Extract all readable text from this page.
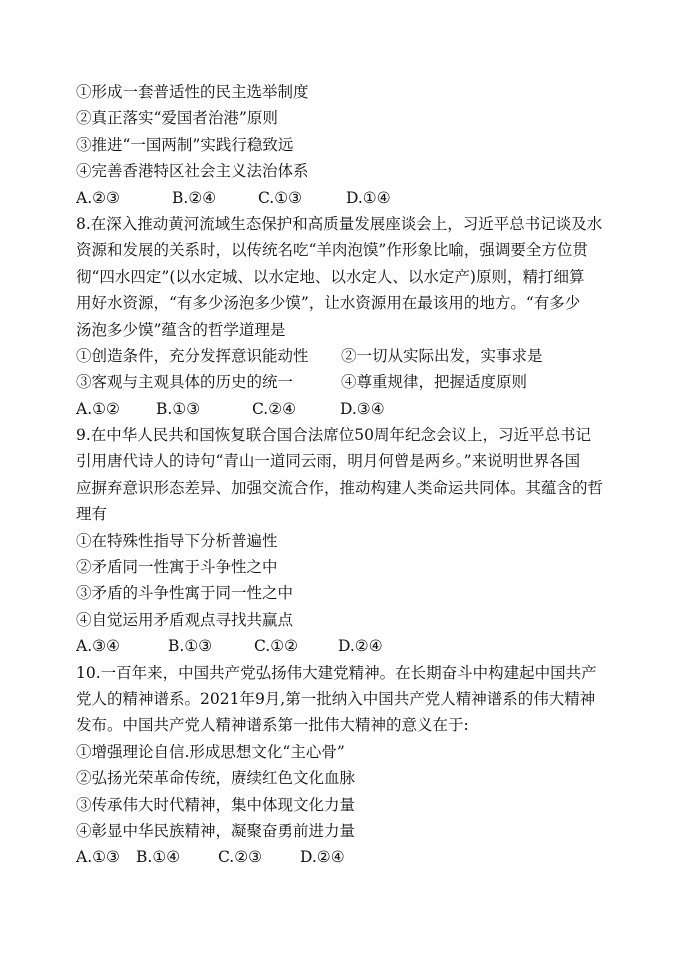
①形成一套普适性的民主选举制度
②真正落实“爱国者治港”原则
③推进“一国两制”实践行稳致远
④完善香港特区社会主义法治体系
A.②③	B.②④	C.①③	D.①④
8.在深入推动黄河流域生态保护和高质量发展座谈会上，习近平总书记谈及水
资源和发展的关系时，以传统名吃“羊肉泡馍”作形象比喻，强调要全方位贯
彻“四水四定”(以水定城、以水定地、以水定人、以水定产)原则，精打细算
用好水资源，“有多少汤泡多少馍”，让水资源用在最该用的地方。“有多少
汤泡多少馍”蕴含的哲学道理是
①创造条件，充分发挥意识能动性	②一切从实际出发，实事求是
③客观与主观具体的历史的统一	④尊重规律，把握适度原则
A.①②	B.①③	C.②④	D.③④
9.在中华人民共和国恢复联合国合法席位50周年纪念会议上，习近平总书记
引用唐代诗人的诗句“青山一道同云雨，明月何曾是两乡。”来说明世界各国
应摒弃意识形态差异、加强交流合作，推动构建人类命运共同体。其蕴含的哲
理有
①在特殊性指导下分析普遍性
②矛盾同一性寓于斗争性之中
③矛盾的斗争性寓于同一性之中
④自觉运用矛盾观点寻找共赢点
A.③④	B.①③	C.①②	D.②④
10.一百年来，中国共产党弘扬伟大建党精神。在长期奋斗中构建起中国共产
党人的精神谱系。2021年9月,第一批纳入中国共产党人精神谱系的伟大精神
发布。中国共产党人精神谱系第一批伟大精神的意义在于:
①增强理论自信.形成思想文化“主心骨”
②弘扬光荣革命传统，赓续红色文化血脉
③传承伟大时代精神，集中体现文化力量
④彰显中华民族精神，凝聚奋勇前进力量
A.①③	B.①④	C.②③	D.②④
